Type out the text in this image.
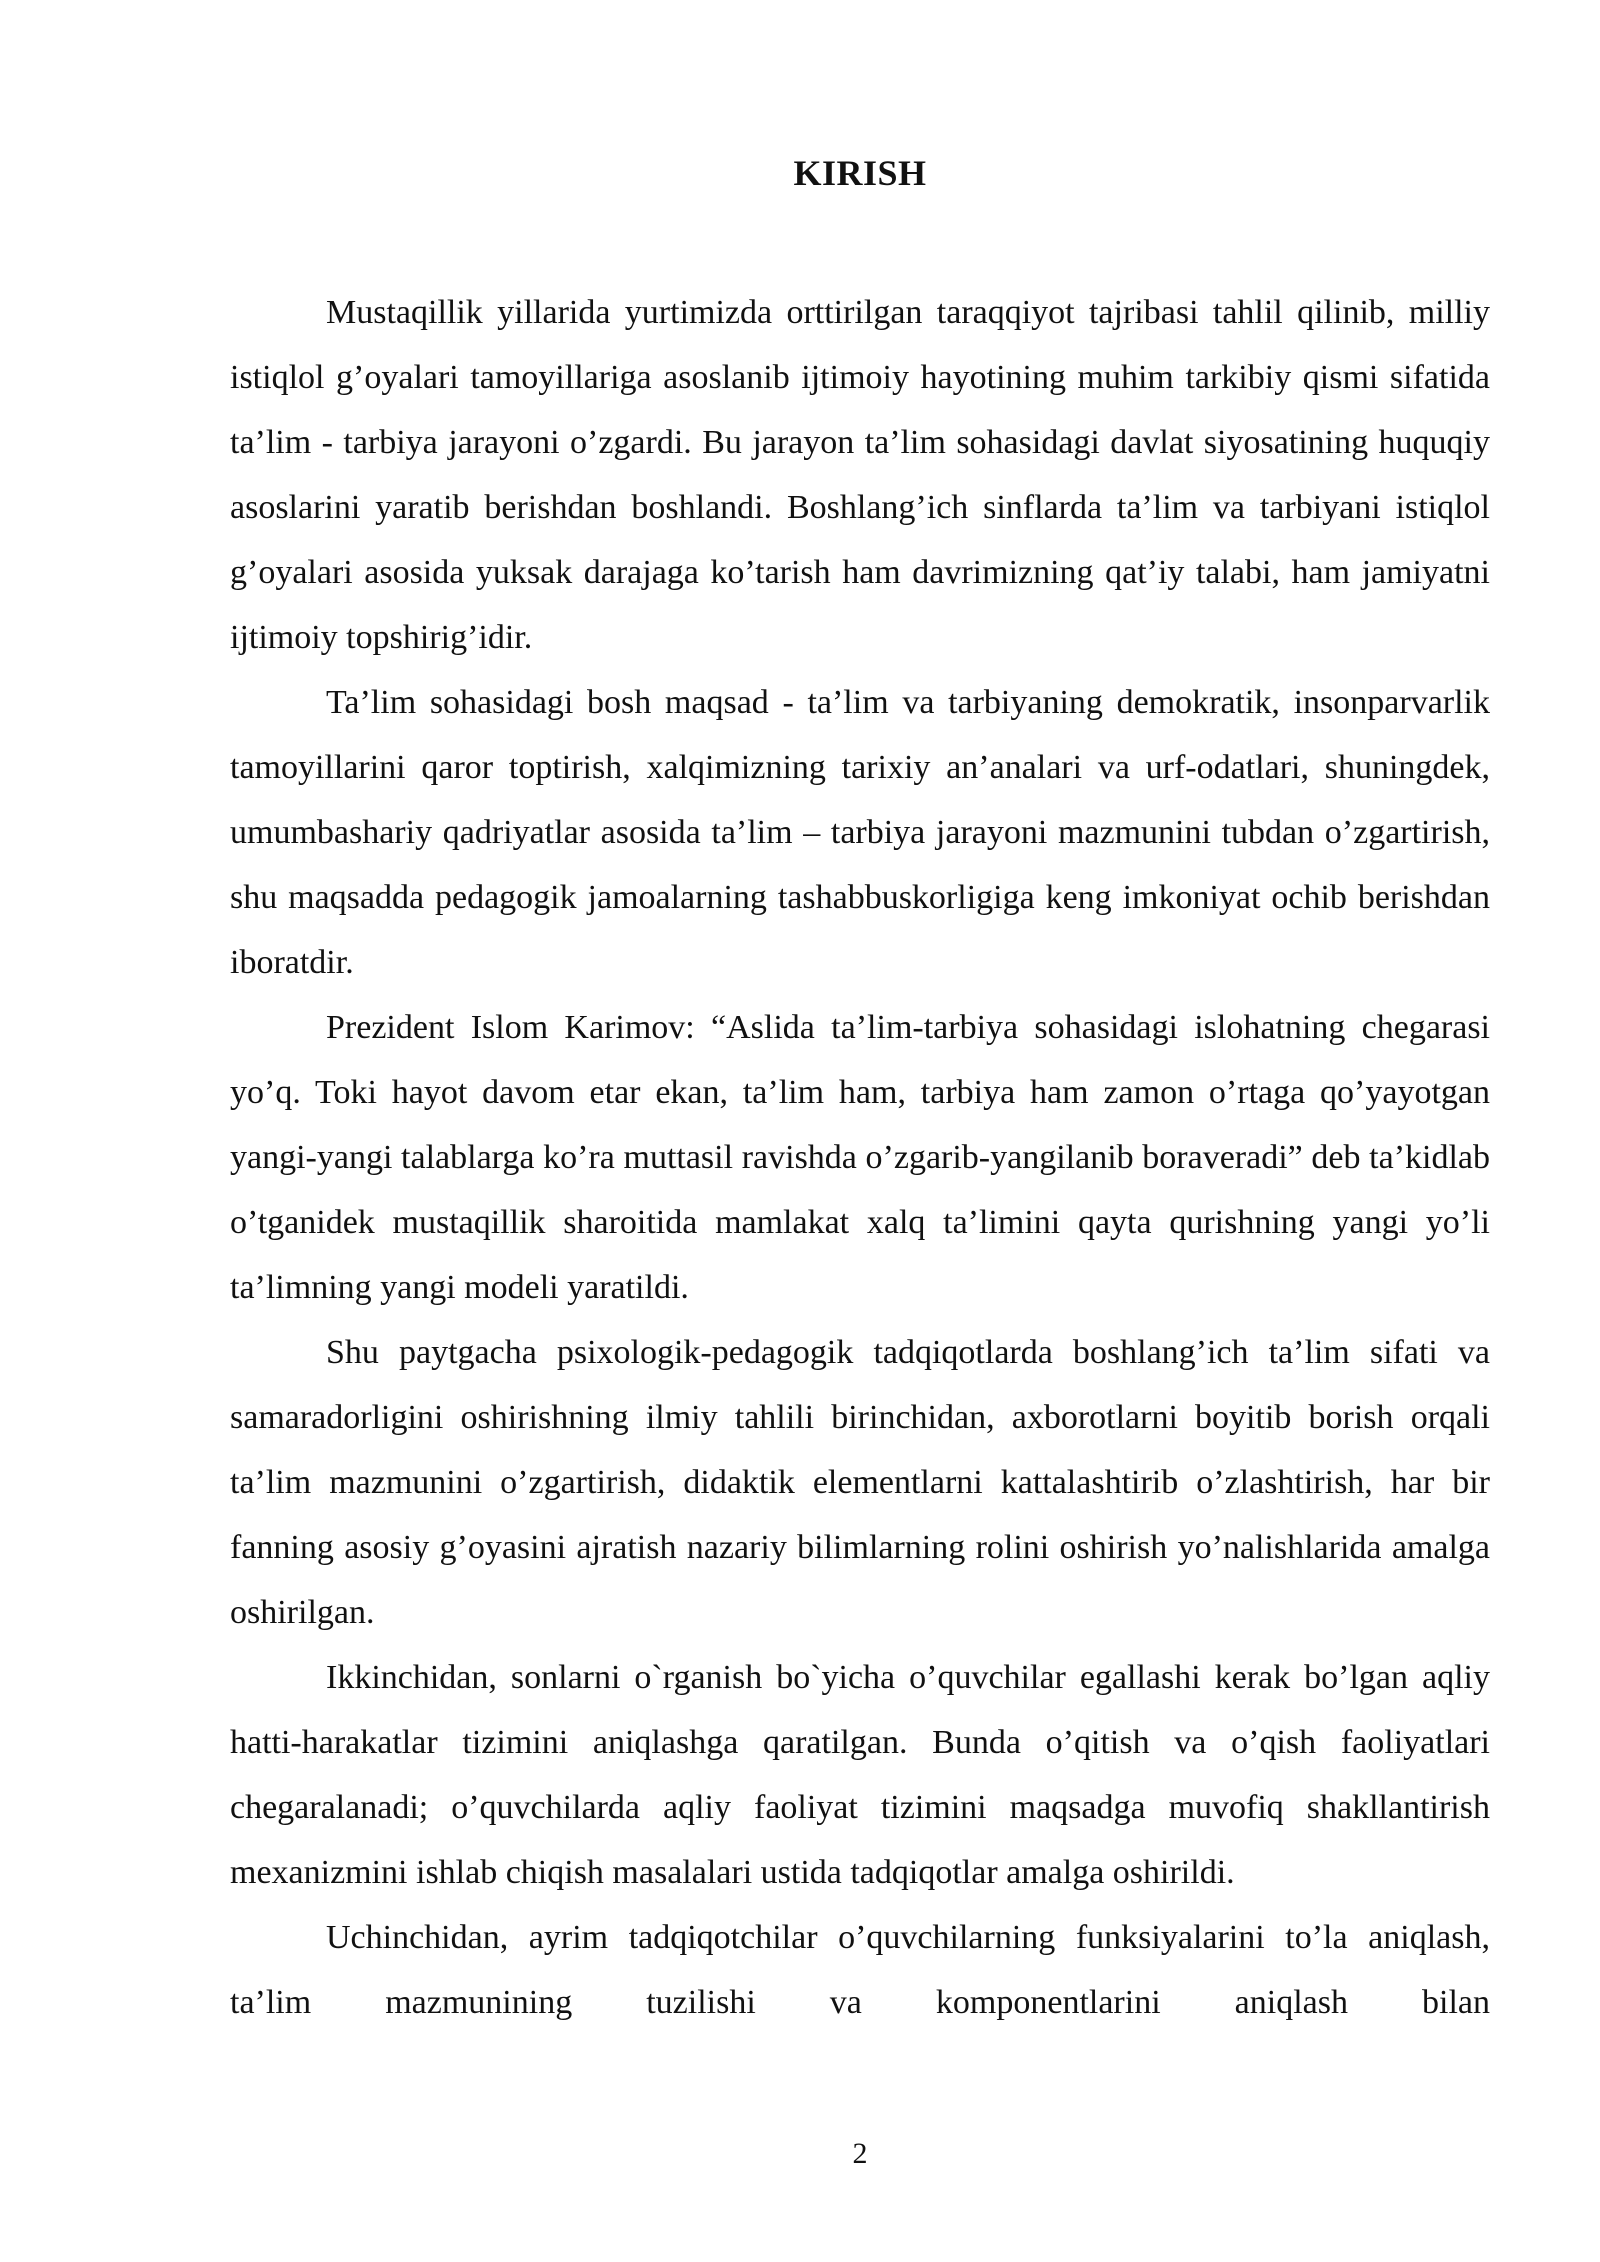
KIRISH

Mustaqillik yillarida yurtimizda orttirilgan taraqqiyot tajribasi tahlil qilinib, milliy istiqlol g’oyalari tamoyillariga asoslanib ijtimoiy hayotining muhim tarkibiy qismi sifatida ta’lim - tarbiya jarayoni o’zgardi. Bu jarayon ta’lim sohasidagi davlat siyosatining huquqiy asoslarini yaratib berishdan boshlandi. Boshlang’ich sinflarda ta’lim va tarbiyani istiqlol g’oyalari asosida yuksak darajaga ko’tarish ham davrimizning qat’iy talabi, ham jamiyatni ijtimoiy topshirig’idir.

Ta’lim sohasidagi bosh maqsad - ta’lim va tarbiyaning demokratik, insonparvarlik tamoyillarini qaror toptirish, xalqimizning tarixiy an’analari va urf-odatlari, shuningdek, umumbashariy qadriyatlar asosida ta’lim – tarbiya jarayoni mazmunini tubdan o’zgartirish, shu maqsadda pedagogik jamoalarning tashabbuskorligiga keng imkoniyat ochib berishdan iboratdir.

Prezident Islom Karimov: “Aslida ta’lim-tarbiya sohasidagi islohatning chegarasi yo’q. Toki hayot davom etar ekan, ta’lim ham, tarbiya ham zamon o’rtaga qo’yayotgan yangi-yangi talablarga ko’ra muttasil ravishda o’zgarib-yangilanib boraveradi” deb ta’kidlab o’tganidek mustaqillik sharoitida mamlakat xalq ta’limini qayta qurishning yangi yo’li ta’limning yangi modeli yaratildi.

Shu paytgacha psixologik-pedagogik tadqiqotlarda boshlang’ich ta’lim sifati va samaradorligini oshirishning ilmiy tahlili birinchidan, axborotlarni boyitib borish orqali ta’lim mazmunini o’zgartirish, didaktik elementlarni kattalashtirib o’zlashtirish, har bir fanning asosiy g’oyasini ajratish nazariy bilimlarning rolini oshirish yo’nalishlarida amalga oshirilgan.

Ikkinchidan, sonlarni o`rganish bo`yicha o’quvchilar egallashi kerak bo’lgan aqliy hatti-harakatlar tizimini aniqlashga qaratilgan. Bunda o’qitish va o’qish faoliyatlari chegaralanadi; o’quvchilarda aqliy faoliyat tizimini maqsadga muvofiq shakllantirish mexanizmini ishlab chiqish masalalari ustida tadqiqotlar amalga oshirildi.

Uchinchidan, ayrim tadqiqotchilar o’quvchilarning funksiyalarini to’la aniqlash, ta’lim mazmunining tuzilishi va komponentlarini aniqlash bilan

2
